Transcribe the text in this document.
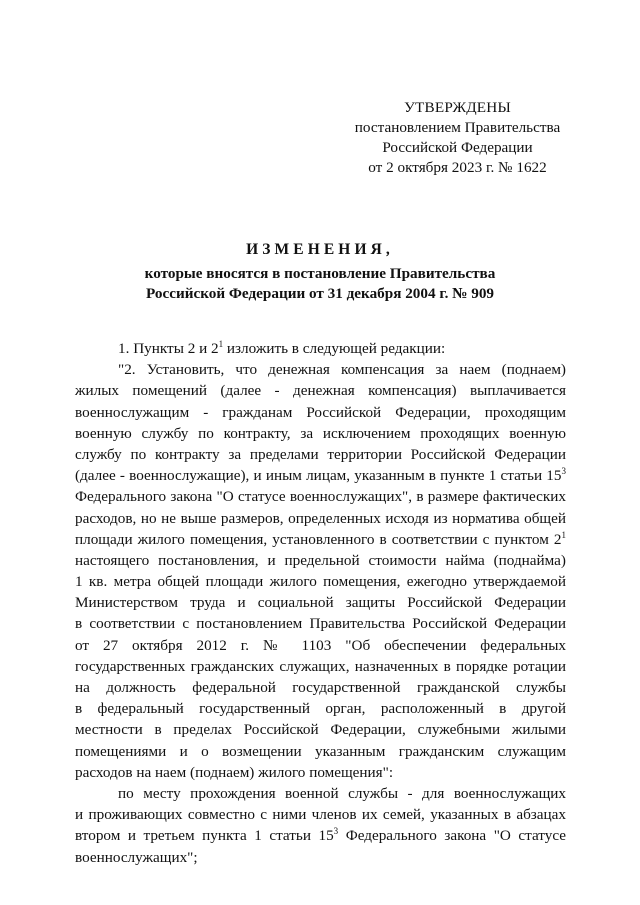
УТВЕРЖДЕНЫ
постановлением Правительства
Российской Федерации
от 2 октября 2023 г. № 1622
ИЗМЕНЕНИЯ,
которые вносятся в постановление Правительства
Российской Федерации от 31 декабря 2004 г. № 909
1. Пункты 2 и $2^1$ изложить в следующей редакции:
"2. Установить, что денежная компенсация за наем (поднаем)
жилых помещений (далее - денежная компенсация) выплачивается
военнослужащим - гражданам Российской Федерации, проходящим
военную службу по контракту, за исключением проходящих военную
службу по контракту за пределами территории Российской Федерации
(далее - военнослужащие), и иным лицам, указанным в пункте 1 статьи $15^3$
Федерального закона "О статусе военнослужащих", в размере фактических
расходов, но не выше размеров, определенных исходя из норматива общей
площади жилого помещения, установленного в соответствии с пунктом $2^1$
настоящего постановления, и предельной стоимости найма (поднайма)
1 кв. метра общей площади жилого помещения, ежегодно утверждаемой
Министерством труда и социальной защиты Российской Федерации
в соответствии с постановлением Правительства Российской Федерации
от 27 октября 2012 г. № 1103 "Об обеспечении федеральных
государственных гражданских служащих, назначенных в порядке ротации
на должность федеральной государственной гражданской службы
в федеральный государственный орган, расположенный в другой
местности в пределах Российской Федерации, служебными жилыми
помещениями и о возмещении указанным гражданским служащим
расходов на наем (поднаем) жилого помещения":
по месту прохождения военной службы - для военнослужащих
и проживающих совместно с ними членов их семей, указанных в абзацах
втором и третьем пункта 1 статьи $15^3$ Федерального закона "О статусе
военнослужащих";
